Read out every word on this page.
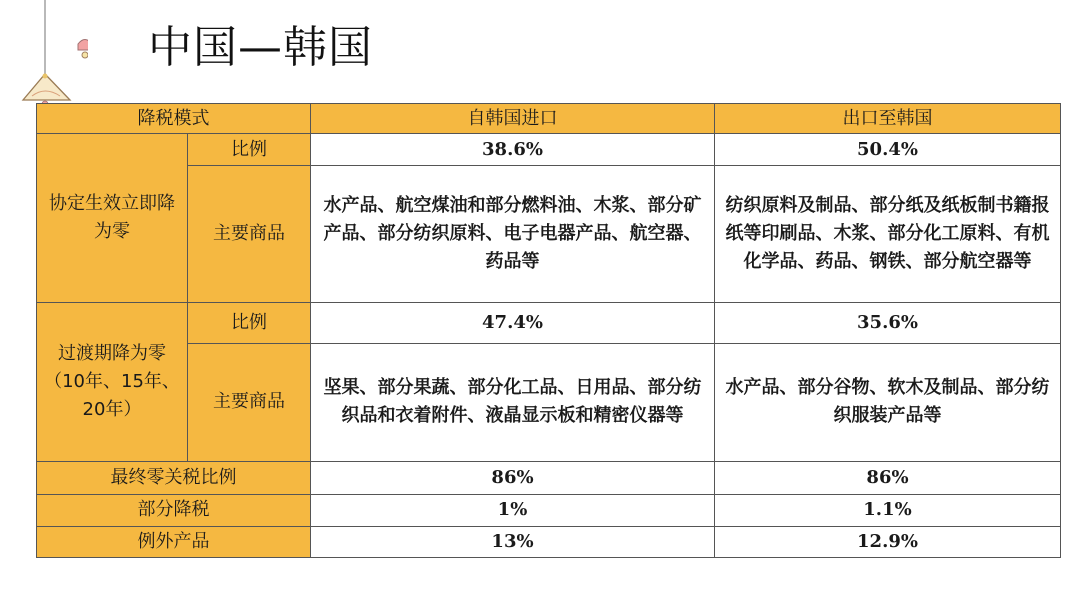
中国—韩国
降税模式		自韩国进口	出口至韩国
协定生效立即降为零	比例	38.6%	50.4%
	主要商品	水产品、航空煤油和部分燃料油、木浆、部分矿产品、部分纺织原料、电子电器产品、航空器、药品等	纺织原料及制品、部分纸及纸板制书籍报纸等印刷品、木浆、部分化工原料、有机化学品、药品、钢铁、部分航空器等
过渡期降为零（10年、15年、20年）	比例	47.4%	35.6%
	主要商品	坚果、部分果蔬、部分化工品、日用品、部分纺织品和衣着附件、液晶显示板和精密仪器等	水产品、部分谷物、软木及制品、部分纺织服装产品等
最终零关税比例		86%	86%
部分降税		1%	1.1%
例外产品		13%	12.9%
